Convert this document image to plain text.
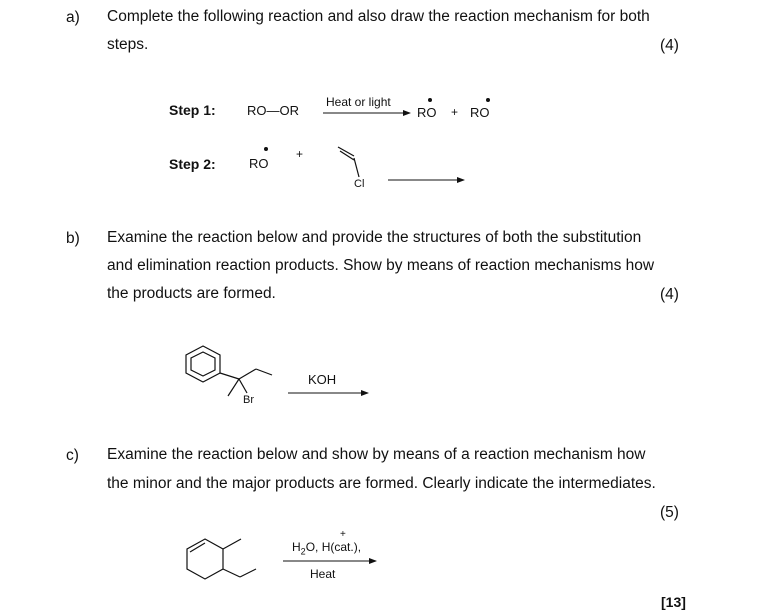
a) Complete the following reaction and also draw the reaction mechanism for both
steps.	(4)
Step 1: RO—OR
Heat or light
RO + RO
Step 2:	RO
+
Cl
b) Examine the reaction below and provide the structures of both the substitution
and elimination reaction products. Show by means of reaction mechanisms how
the products are formed.	(4)
Br
KOH
c) Examine the reaction below and show by means of a reaction mechanism how
the minor and the major products are formed. Clearly indicate the intermediates.
(5)
$H_2O$, H(cat.),
+
Heat
[13]
